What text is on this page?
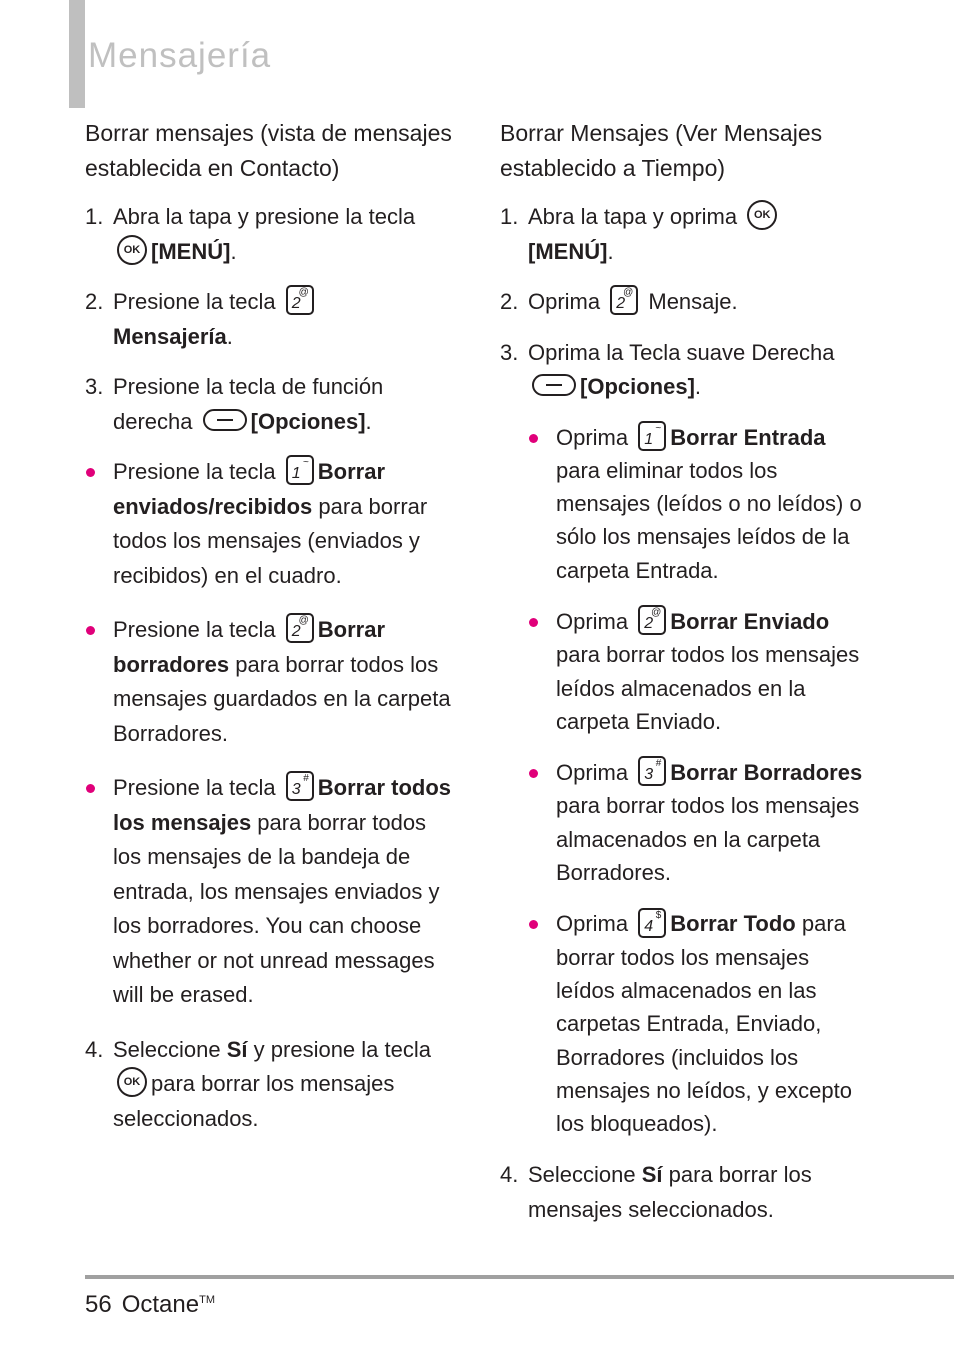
Mensajería
Borrar mensajes (vista de mensajes establecida en Contacto)
1. Abra la tapa y presione la tecla
OK [MENÚ].
2. Presione la tecla 2
@

Mensajería.
3. Presione la tecla de función derecha	[Opciones].
Presione la tecla 1
~ Borrar enviados/recibidos para borrar todos los mensajes (enviados y recibidos) en el cuadro.
Presione la tecla 2
@ Borrar borradores para borrar todos los mensajes guardados en la carpeta Borradores.
Presione la tecla 3
# Borrar todos los mensajes para borrar todos los mensajes de la bandeja de entrada, los mensajes enviados y los borradores. You can choose whether or not unread messages will be erased.
4. Seleccione Sí y presione la tecla
OK para borrar los mensajes seleccionados.
Borrar Mensajes (Ver Mensajes establecido a Tiempo)
1. Abra la tapa y oprima OK
[MENÚ].
2. Oprima 2
@ Mensaje.
3. Oprima la Tecla suave Derecha
[Opciones].
Oprima 1
~ Borrar Entrada para eliminar todos los mensajes (leídos o no leídos) o sólo los mensajes leídos de la carpeta Entrada.
Oprima 2
@ Borrar Enviado para borrar todos los mensajes leídos almacenados en la carpeta Enviado.
Oprima 3
# Borrar Borradores para borrar todos los mensajes almacenados en la carpeta Borradores.
Oprima 4
$ Borrar Todo para borrar todos los mensajes leídos almacenados en las carpetas Entrada, Enviado, Borradores (incluidos los mensajes no leídos, y excepto los bloqueados).
4. Seleccione Sí para borrar los mensajes seleccionados.
56 Octane™
